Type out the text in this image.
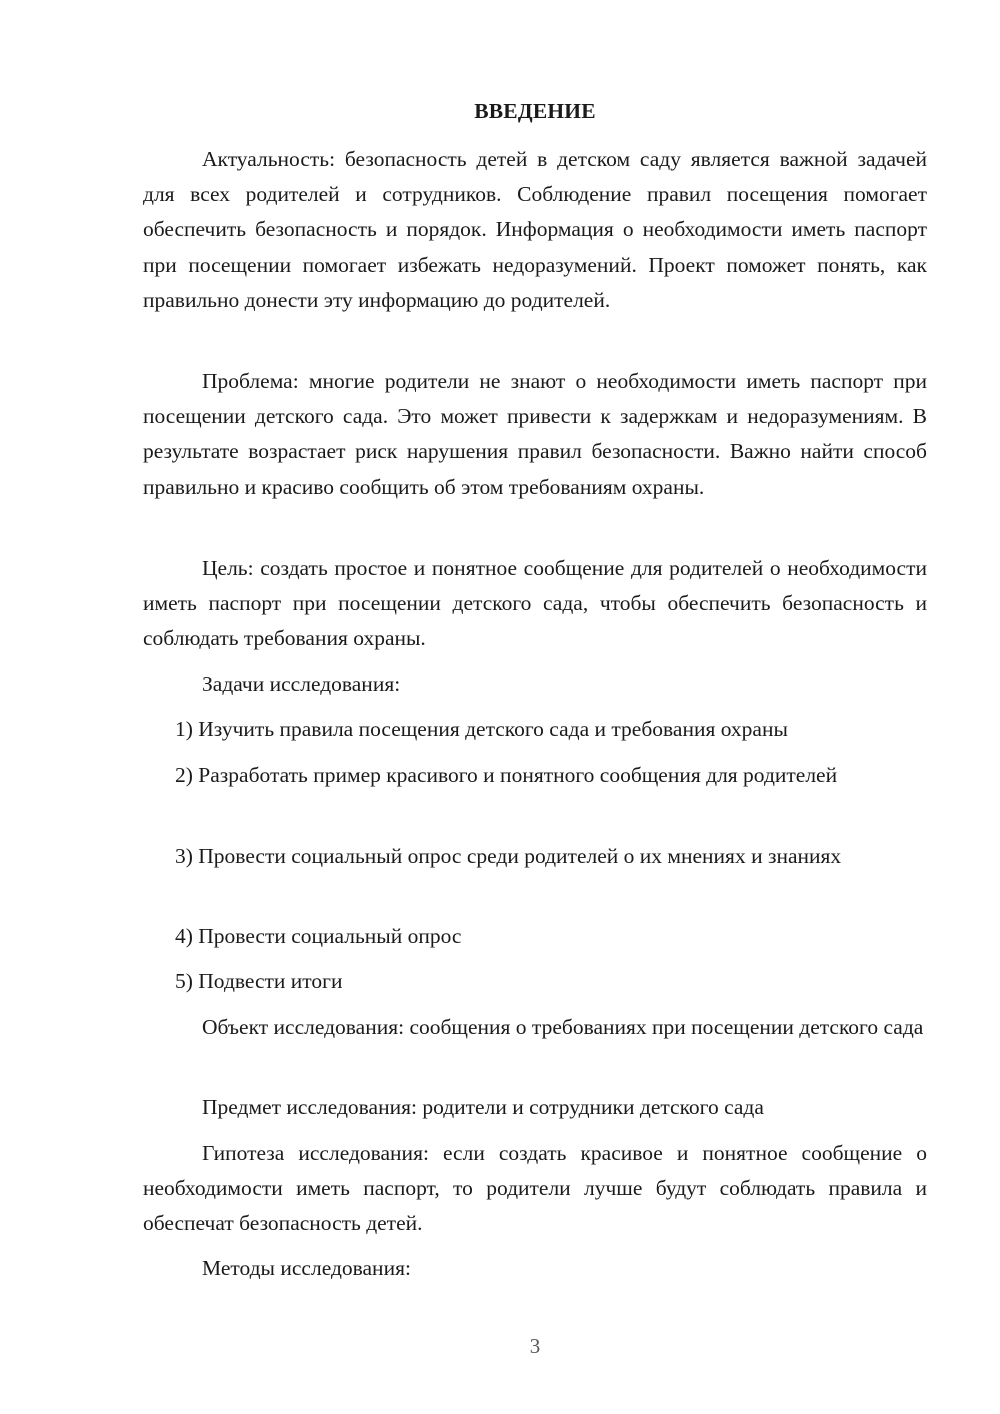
ВВЕДЕНИЕ

Актуальность: безопасность детей в детском саду является важной задачей для всех родителей и сотрудников. Соблюдение правил посещения помогает обеспечить безопасность и порядок. Информация о необходимости иметь паспорт при посещении помогает избежать недоразумений. Проект поможет понять, как правильно донести эту информацию до родителей.

Проблема: многие родители не знают о необходимости иметь паспорт при посещении детского сада. Это может привести к задержкам и недоразумениям. В результате возрастает риск нарушения правил безопасности. Важно найти способ правильно и красиво сообщить об этом требованиям охраны.

Цель: создать простое и понятное сообщение для родителей о необходимости иметь паспорт при посещении детского сада, чтобы обеспечить безопасность и соблюдать требования охраны.

Задачи исследования:

1) Изучить правила посещения детского сада и требования охраны

2) Разработать пример красивого и понятного сообщения для родителей

3) Провести социальный опрос среди родителей о их мнениях и знаниях

4) Провести социальный опрос

5) Подвести итоги

Объект исследования: сообщения о требованиях при посещении детского сада

Предмет исследования: родители и сотрудники детского сада

Гипотеза исследования: если создать красивое и понятное сообщение о необходимости иметь паспорт, то родители лучше будут соблюдать правила и обеспечат безопасность детей.

Методы исследования:

3
